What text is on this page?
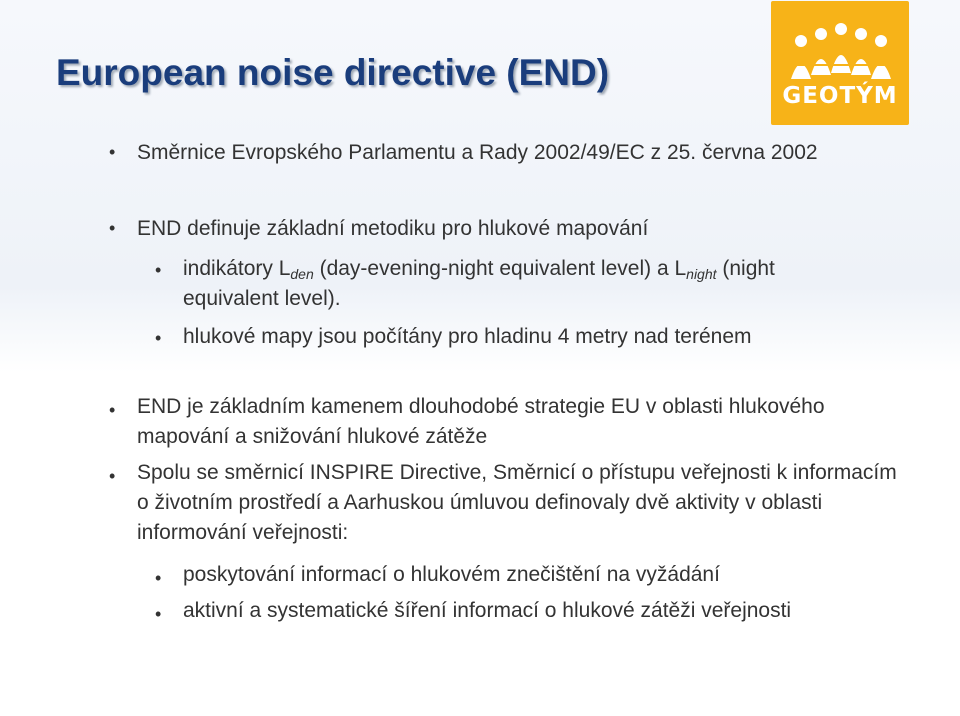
European noise directive (END)
GEOTÝM
• Směrnice Evropského Parlamentu a Rady 2002/49/EC z 25. června 2002
• END definuje základní metodiku pro hlukové mapování
• indikátory $L_{den}$ (day-evening-night equivalent level) a $L_{night}$ (night equivalent level).
• hlukové mapy jsou počítány pro hladinu 4 metry nad terénem
• END je základním kamenem dlouhodobé strategie EU v oblasti hlukového mapování a snižování hlukové zátěže
• Spolu se směrnicí INSPIRE Directive, Směrnicí o přístupu veřejnosti k informacím o životním prostředí a Aarhuskou úmluvou definovaly dvě aktivity v oblasti informování veřejnosti:
• poskytování informací o hlukovém znečištění na vyžádání
• aktivní a systematické šíření informací o hlukové zátěži veřejnosti
